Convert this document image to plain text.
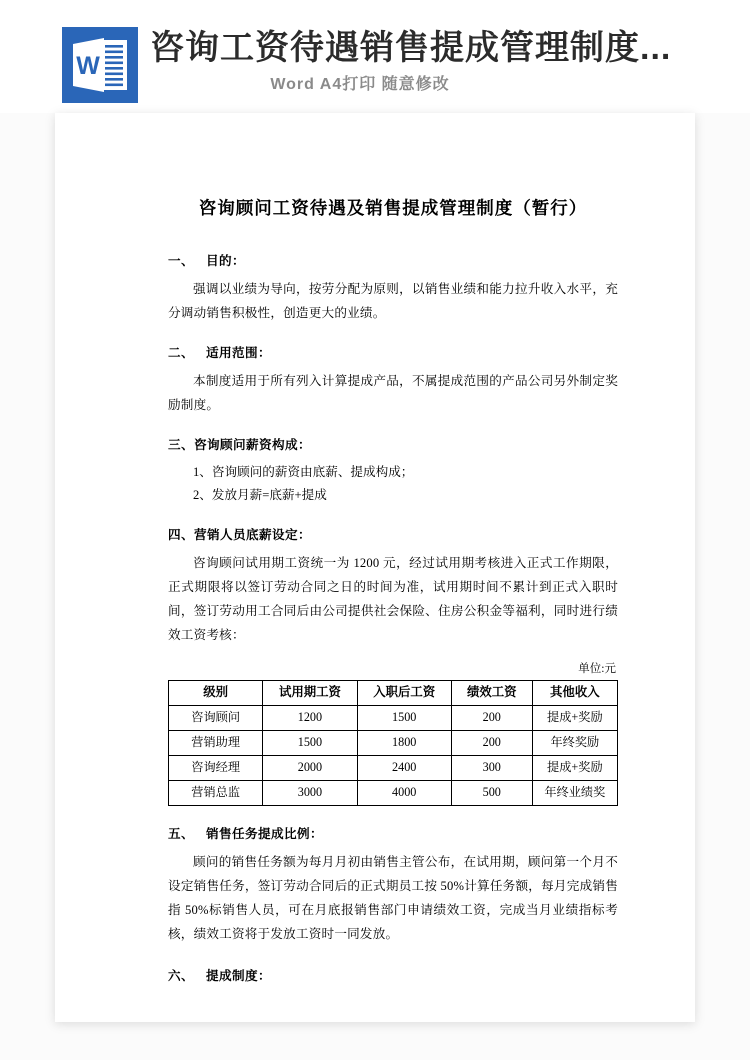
W 咨询工资待遇销售提成管理制度...
Word A4打印 随意修改
咨询顾问工资待遇及销售提成管理制度（暂行）
一、 目的：
强调以业绩为导向，按劳分配为原则，以销售业绩和能力拉升收入水平，充分调动销售积极性，创造更大的业绩。
二、 适用范围：
本制度适用于所有列入计算提成产品，不属提成范围的产品公司另外制定奖励制度。
三、咨询顾问薪资构成：
1、咨询顾问的薪资由底薪、提成构成；
2、发放月薪=底薪+提成
四、营销人员底薪设定：
咨询顾问试用期工资统一为 1200 元，经过试用期考核进入正式工作期限，正式期限将以签订劳动合同之日的时间为准，试用期时间不累计到正式入职时间，签订劳动用工合同后由公司提供社会保险、住房公积金等福利，同时进行绩效工资考核：
单位:元
级别	试用期工资	入职后工资	绩效工资	其他收入
咨询顾问	1200	1500	200	提成+奖励
营销助理	1500	1800	200	年终奖励
咨询经理	2000	2400	300	提成+奖励
营销总监	3000	4000	500	年终业绩奖
五、 销售任务提成比例：
顾问的销售任务额为每月月初由销售主管公布，在试用期，顾问第一个月不设定销售任务，签订劳动合同后的正式期员工按 50%计算任务额，每月完成销售指 50%标销售人员，可在月底报销售部门申请绩效工资，完成当月业绩指标考核，绩效工资将于发放工资时一同发放。
六、 提成制度：
